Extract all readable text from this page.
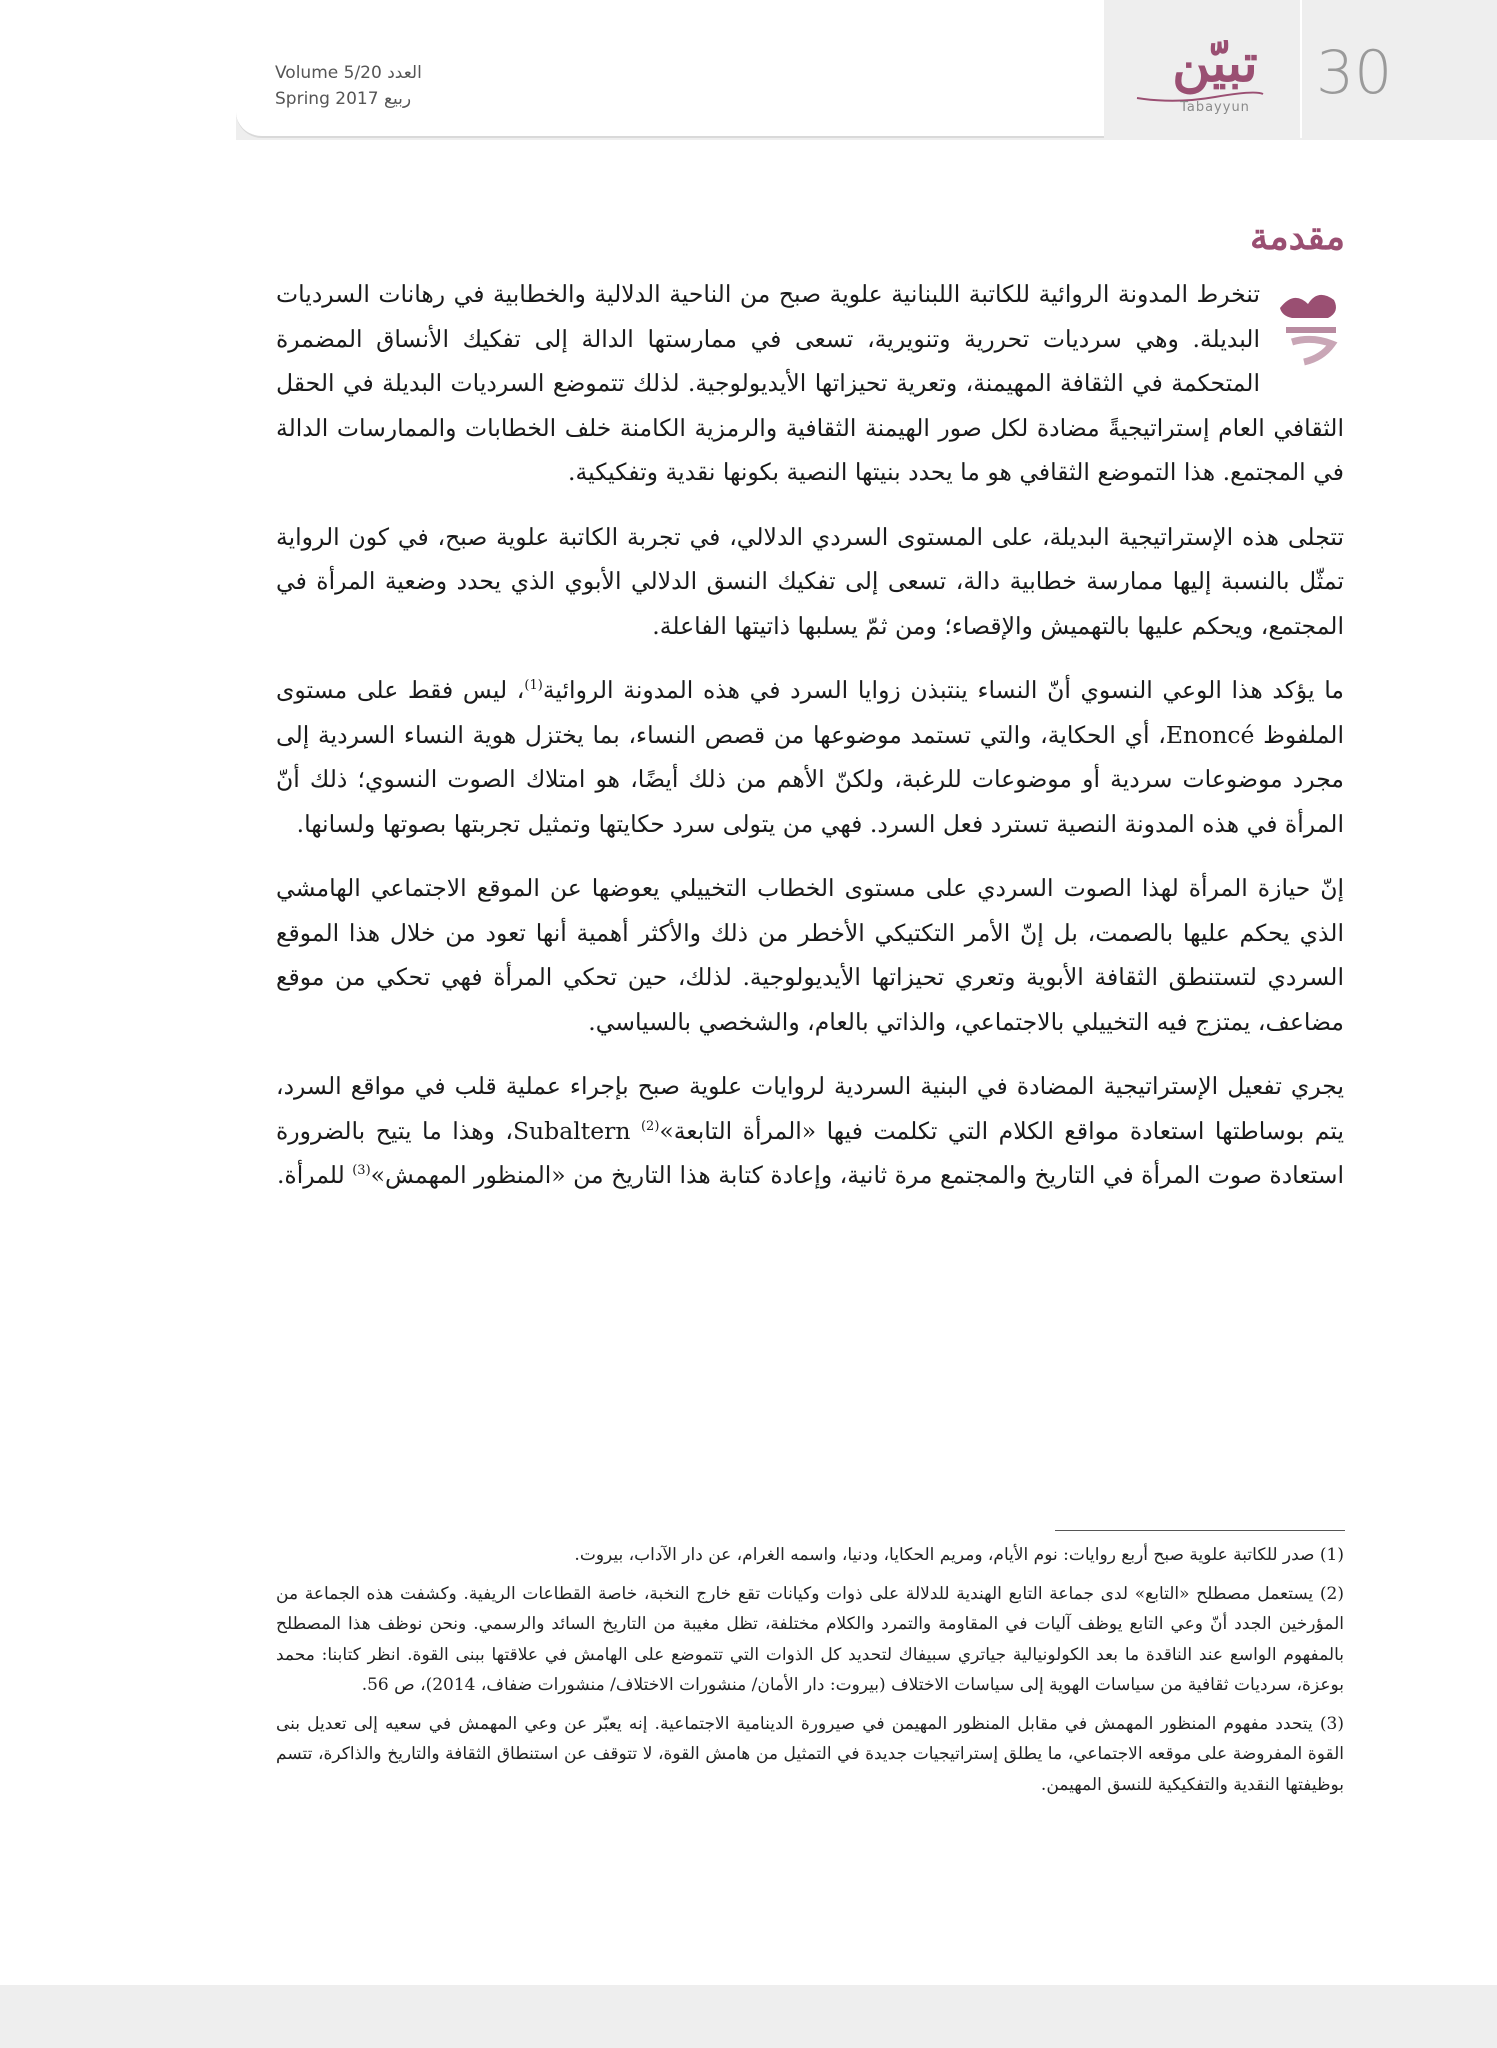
Volume 5/20 العدد
Spring 2017 ربيع
تبيّن
Tabayyun	30
مقدمة

تنخرط المدونة الروائية للكاتبة اللبنانية علوية صبح من الناحية الدلالية والخطابية في رهانات السرديات البديلة. وهي سرديات تحررية وتنويرية، تسعى في ممارستها الدالة إلى تفكيك الأنساق المضمرة المتحكمة في الثقافة المهيمنة، وتعرية تحيزاتها الأيديولوجية. لذلك تتموضع السرديات البديلة في الحقل الثقافي العام إستراتيجيةً مضادة لكل صور الهيمنة الثقافية والرمزية الكامنة خلف الخطابات والممارسات الدالة في المجتمع. هذا التموضع الثقافي هو ما يحدد بنيتها النصية بكونها نقدية وتفكيكية.

تتجلى هذه الإستراتيجية البديلة، على المستوى السردي الدلالي، في تجربة الكاتبة علوية صبح، في كون الرواية تمثّل بالنسبة إليها ممارسة خطابية دالة، تسعى إلى تفكيك النسق الدلالي الأبوي الذي يحدد وضعية المرأة في المجتمع، ويحكم عليها بالتهميش والإقصاء؛ ومن ثمّ يسلبها ذاتيتها الفاعلة.

ما يؤكد هذا الوعي النسوي أنّ النساء ينتبذن زوايا السرد في هذه المدونة الروائية$^{(1)}$، ليس فقط على مستوى الملفوظ Enoncé، أي الحكاية، والتي تستمد موضوعها من قصص النساء، بما يختزل هوية النساء السردية إلى مجرد موضوعات سردية أو موضوعات للرغبة، ولكنّ الأهم من ذلك أيضًا، هو امتلاك الصوت النسوي؛ ذلك أنّ المرأة في هذه المدونة النصية تسترد فعل السرد. فهي من يتولى سرد حكايتها وتمثيل تجربتها بصوتها ولسانها.

إنّ حيازة المرأة لهذا الصوت السردي على مستوى الخطاب التخييلي يعوضها عن الموقع الاجتماعي الهامشي الذي يحكم عليها بالصمت، بل إنّ الأمر التكتيكي الأخطر من ذلك والأكثر أهمية أنها تعود من خلال هذا الموقع السردي لتستنطق الثقافة الأبوية وتعري تحيزاتها الأيديولوجية. لذلك، حين تحكي المرأة فهي تحكي من موقع مضاعف، يمتزج فيه التخييلي بالاجتماعي، والذاتي بالعام، والشخصي بالسياسي.

يجري تفعيل الإستراتيجية المضادة في البنية السردية لروايات علوية صبح بإجراء عملية قلب في مواقع السرد، يتم بوساطتها استعادة مواقع الكلام التي تكلمت فيها «المرأة التابعة»$^{(2)}$ Subaltern، وهذا ما يتيح بالضرورة استعادة صوت المرأة في التاريخ والمجتمع مرة ثانية، وإعادة كتابة هذا التاريخ من «المنظور المهمش»$^{(3)}$ للمرأة.

(1) صدر للكاتبة علوية صبح أربع روايات: نوم الأيام، ومريم الحكايا، ودنيا، واسمه الغرام، عن دار الآداب، بيروت.

(2) يستعمل مصطلح «التابع» لدى جماعة التابع الهندية للدلالة على ذوات وكيانات تقع خارج النخبة، خاصة القطاعات الريفية. وكشفت هذه الجماعة من المؤرخين الجدد أنّ وعي التابع يوظف آليات في المقاومة والتمرد والكلام مختلفة، تظل مغيبة من التاريخ السائد والرسمي. ونحن نوظف هذا المصطلح بالمفهوم الواسع عند الناقدة ما بعد الكولونيالية جياتري سبيفاك لتحديد كل الذوات التي تتموضع على الهامش في علاقتها ببنى القوة. انظر كتابنا: محمد بوعزة، سرديات ثقافية من سياسات الهوية إلى سياسات الاختلاف (بيروت: دار الأمان/ منشورات الاختلاف/ منشورات ضفاف، 2014)، ص 56.

(3) يتحدد مفهوم المنظور المهمش في مقابل المنظور المهيمن في صيرورة الدينامية الاجتماعية. إنه يعبّر عن وعي المهمش في سعيه إلى تعديل بنى القوة المفروضة على موقعه الاجتماعي، ما يطلق إستراتيجيات جديدة في التمثيل من هامش القوة، لا تتوقف عن استنطاق الثقافة والتاريخ والذاكرة، تتسم بوظيفتها النقدية والتفكيكية للنسق المهيمن.
